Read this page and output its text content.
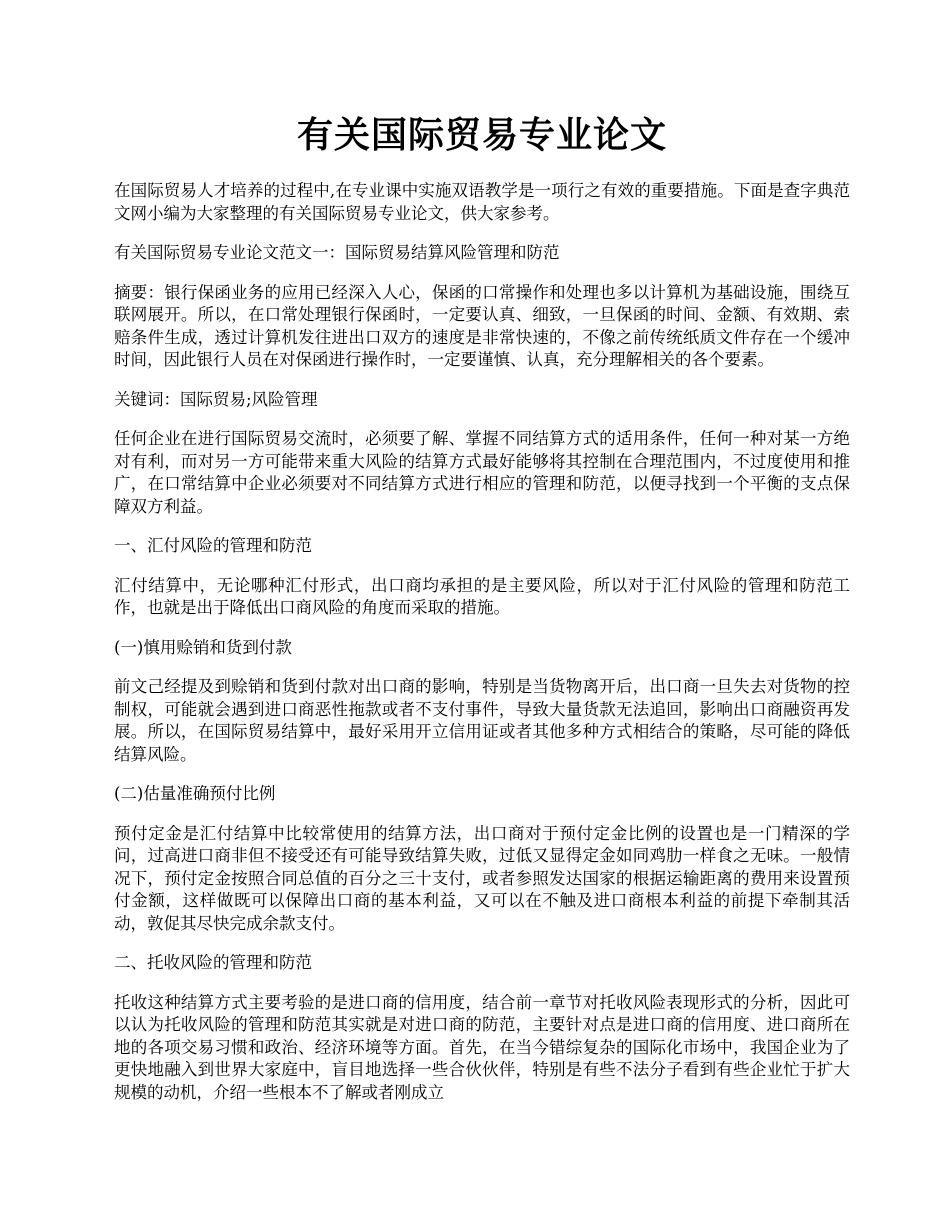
有关国际贸易专业论文

在国际贸易人才培养的过程中,在专业课中实施双语教学是一项行之有效的重要措施。下面是查字典范文网小编为大家整理的有关国际贸易专业论文，供大家参考。

有关国际贸易专业论文范文一：国际贸易结算风险管理和防范

摘要：银行保函业务的应用已经深入人心，保函的口常操作和处理也多以计算机为基础设施，围绕互联网展开。所以，在口常处理银行保函时，一定要认真、细致，一旦保函的时间、金额、有效期、索赔条件生成，透过计算机发往进出口双方的速度是非常快速的，不像之前传统纸质文件存在一个缓冲时间，因此银行人员在对保函进行操作时，一定要谨慎、认真，充分理解相关的各个要素。

关键词：国际贸易;风险管理

任何企业在进行国际贸易交流时，必须要了解、掌握不同结算方式的适用条件，任何一种对某一方绝对有利，而对另一方可能带来重大风险的结算方式最好能够将其控制在合理范围内，不过度使用和推广，在口常结算中企业必须要对不同结算方式进行相应的管理和防范，以便寻找到一个平衡的支点保障双方利益。

一、汇付风险的管理和防范

汇付结算中，无论哪种汇付形式，出口商均承担的是主要风险，所以对于汇付风险的管理和防范工作，也就是出于降低出口商风险的角度而采取的措施。

(一)慎用赊销和货到付款

前文己经提及到赊销和货到付款对出口商的影响，特别是当货物离开后，出口商一旦失去对货物的控制权，可能就会遇到进口商恶性拖款或者不支付事件，导致大量货款无法追回，影响出口商融资再发展。所以，在国际贸易结算中，最好采用开立信用证或者其他多种方式相结合的策略，尽可能的降低结算风险。

(二)估量准确预付比例

预付定金是汇付结算中比较常使用的结算方法，出口商对于预付定金比例的设置也是一门精深的学问，过高进口商非但不接受还有可能导致结算失败，过低又显得定金如同鸡肋一样食之无味。一般情况下，预付定金按照合同总值的百分之三十支付，或者参照发达国家的根据运输距离的费用来设置预付金额，这样做既可以保障出口商的基本利益，又可以在不触及进口商根本利益的前提下牵制其活动，敦促其尽快完成余款支付。

二、托收风险的管理和防范

托收这种结算方式主要考验的是进口商的信用度，结合前一章节对托收风险表现形式的分析，因此可以认为托收风险的管理和防范其实就是对进口商的防范，主要针对点是进口商的信用度、进口商所在地的各项交易习惯和政治、经济环境等方面。首先，在当今错综复杂的国际化市场中，我国企业为了更快地融入到世界大家庭中，盲目地选择一些合伙伙伴，特别是有些不法分子看到有些企业忙于扩大规模的动机，介绍一些根本不了解或者刚成立
